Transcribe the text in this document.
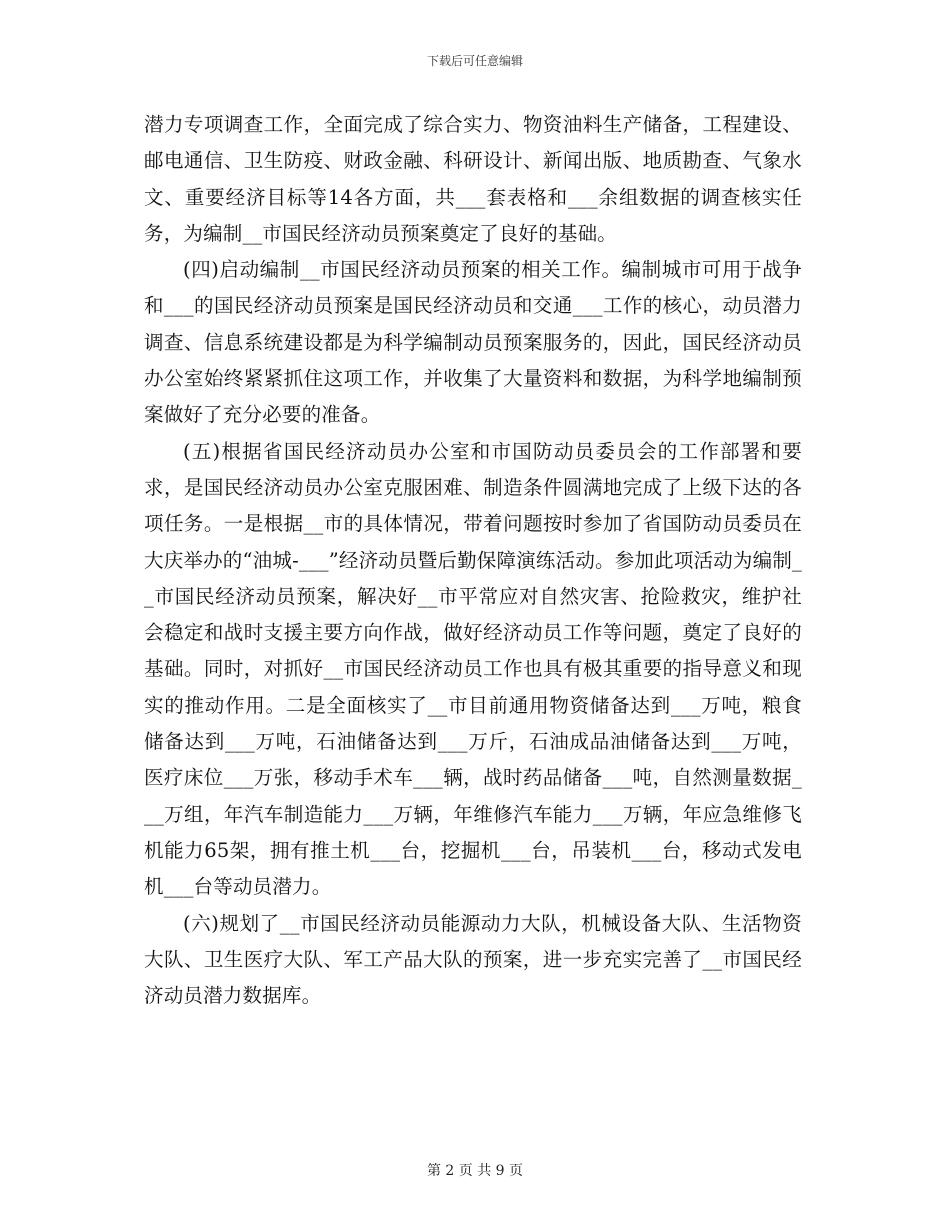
下载后可任意编辑

潜力专项调查工作，全面完成了综合实力、物资油料生产储备，工程建设、邮电通信、卫生防疫、财政金融、科研设计、新闻出版、地质勘查、气象水文、重要经济目标等14各方面，共___套表格和___余组数据的调查核实任务，为编制__市国民经济动员预案奠定了良好的基础。

(四)启动编制__市国民经济动员预案的相关工作。编制城市可用于战争和___的国民经济动员预案是国民经济动员和交通___工作的核心，动员潜力调查、信息系统建设都是为科学编制动员预案服务的，因此，国民经济动员办公室始终紧紧抓住这项工作，并收集了大量资料和数据，为科学地编制预案做好了充分必要的准备。

(五)根据省国民经济动员办公室和市国防动员委员会的工作部署和要求，是国民经济动员办公室克服困难、制造条件圆满地完成了上级下达的各项任务。一是根据__市的具体情况，带着问题按时参加了省国防动员委员在大庆举办的“油城-___”经济动员暨后勤保障演练活动。参加此项活动为编制__市国民经济动员预案，解决好__市平常应对自然灾害、抢险救灾，维护社会稳定和战时支援主要方向作战，做好经济动员工作等问题，奠定了良好的基础。同时，对抓好__市国民经济动员工作也具有极其重要的指导意义和现实的推动作用。二是全面核实了__市目前通用物资储备达到___万吨，粮食储备达到___万吨，石油储备达到___万斤，石油成品油储备达到___万吨，医疗床位___万张，移动手术车___辆，战时药品储备___吨，自然测量数据___万组，年汽车制造能力___万辆，年维修汽车能力___万辆，年应急维修飞机能力65架，拥有推土机___台，挖掘机___台，吊装机___台，移动式发电机___台等动员潜力。

(六)规划了__市国民经济动员能源动力大队，机械设备大队、生活物资大队、卫生医疗大队、军工产品大队的预案，进一步充实完善了__市国民经济动员潜力数据库。

第 2 页 共 9 页
